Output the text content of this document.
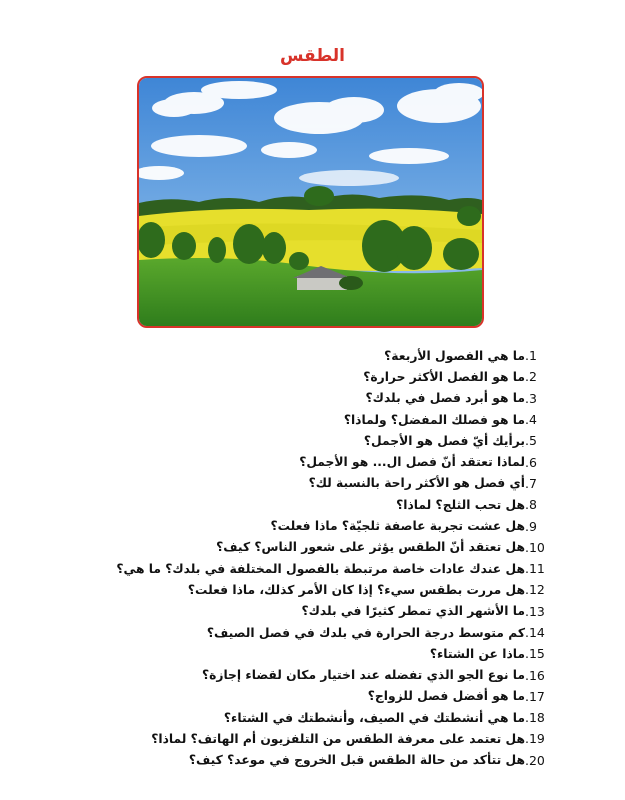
الطقس
.1
ما هي الفصول الأربعة؟
.2
ما هو الفصل الأكثر حرارة؟
.3
ما هو أبرد فصل في بلدك؟
.4
ما هو فصلك المفضل؟ ولماذا؟
.5
برأيك أيّ فصل هو الأجمل؟
.6
لماذا تعتقد أنّ فصل ال... هو الأجمل؟
.7
أي فصل هو الأكثر راحة بالنسبة لك؟
.8
هل تحب الثلج؟ لماذا؟
.9
هل عشت تجربة عاصفة ثلجيّة؟ ماذا فعلت؟
.10
هل تعتقد أنّ الطقس يؤثر على شعور الناس؟ كيف؟
.11
هل عندك عادات خاصة مرتبطة بالفصول المختلفة في بلدك؟ ما هي؟
.12
هل مررت بطقس سيء؟ إذا كان الأمر كذلك، ماذا فعلت؟
.13
ما الأشهر الذي تمطر كثيرًا في بلدك؟
.14
كم متوسط درجة الحرارة في بلدك في فصل الصيف؟
.15
ماذا عن الشتاء؟
.16
ما نوع الجو الذي تفضله عند اختيار مكان لقضاء إجازة؟
.17
ما هو أفضل فصل للزواج؟
.18
ما هي أنشطتك في الصيف، وأنشطتك في الشتاء؟
.19
هل تعتمد على معرفة الطقس من التلفزيون أم الهاتف؟ لماذا؟
.20
هل تتأكد من حالة الطقس قبل الخروج في موعد؟ كيف؟
